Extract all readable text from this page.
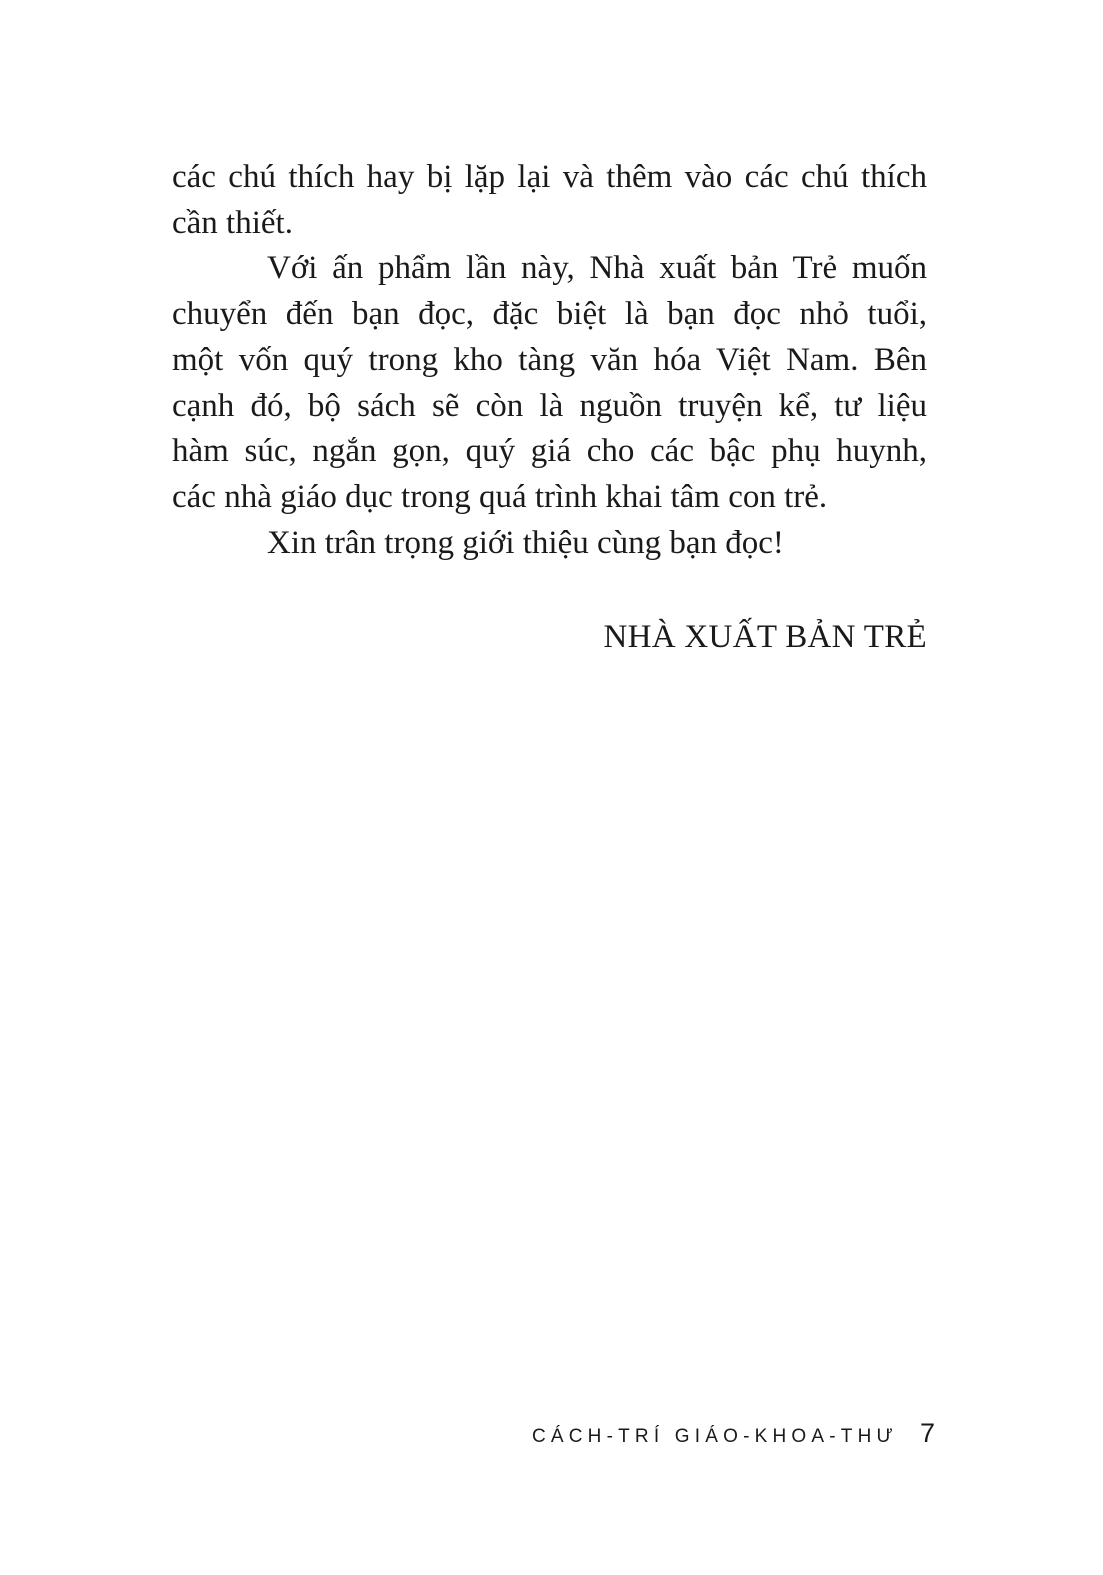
các chú thích hay bị lặp lại và thêm vào các chú thích
cần thiết.

Với ấn phẩm lần này, Nhà xuất bản Trẻ muốn
chuyển đến bạn đọc, đặc biệt là bạn đọc nhỏ tuổi,
một vốn quý trong kho tàng văn hóa Việt Nam. Bên
cạnh đó, bộ sách sẽ còn là nguồn truyện kể, tư liệu
hàm súc, ngắn gọn, quý giá cho các bậc phụ huynh,
các nhà giáo dục trong quá trình khai tâm con trẻ.

Xin trân trọng giới thiệu cùng bạn đọc!

NHÀ XUẤT BẢN TRẺ
CÁCH-TRÍ GIÁO-KHOA-THƯ 7
